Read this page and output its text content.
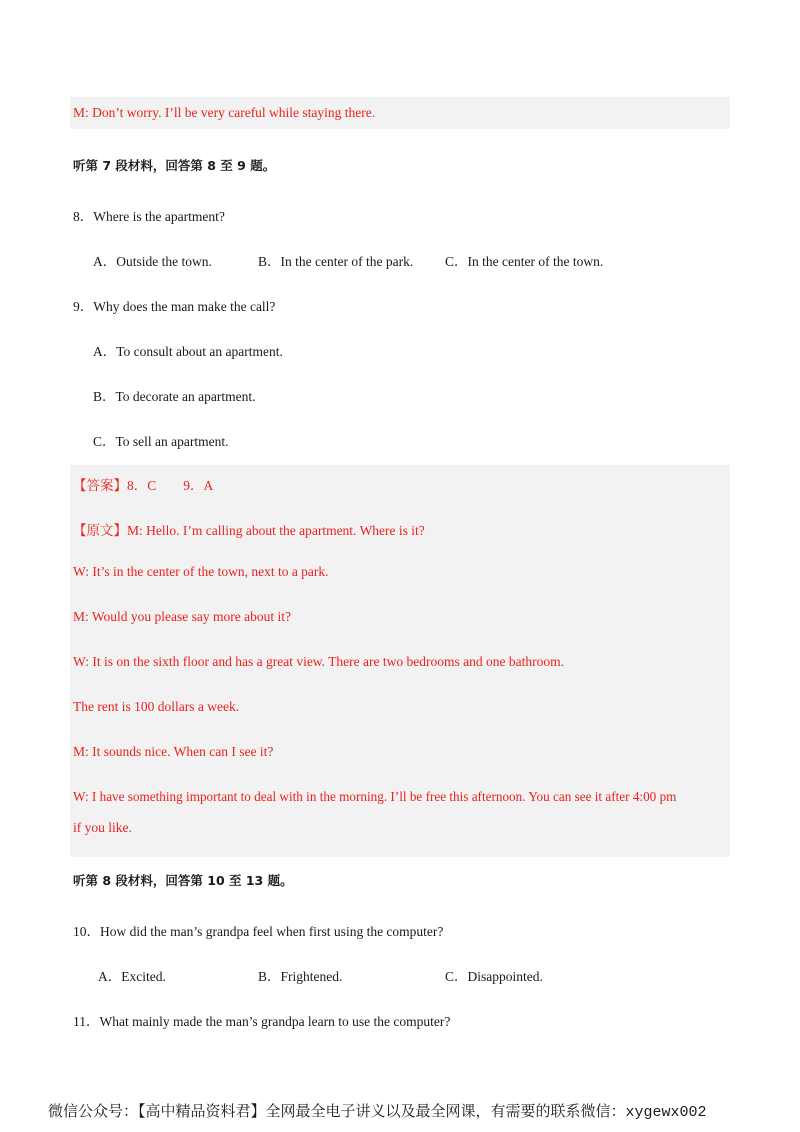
M: Don’t worry. I’ll be very careful while staying there.
听第 7 段材料，回答第 8 至 9 题。
8．Where is the apartment?
A．Outside the town.	B．In the center of the park. C．In the center of the town.
9．Why does the man make the call?
A．To consult about an apartment.
B．To decorate an apartment.
C．To sell an apartment.
【答案】8．C　　9．A
【原文】M: Hello. I’m calling about the apartment. Where is it?
W: It’s in the center of the town, next to a park.
M: Would you please say more about it?
W: It is on the sixth floor and has a great view. There are two bedrooms and one bathroom.
The rent is 100 dollars a week.
M: It sounds nice. When can I see it?
W: I have something important to deal with in the morning. I’ll be free this afternoon. You can see it after 4:00 pm
if you like.
听第 8 段材料，回答第 10 至 13 题。
10．How did the man’s grandpa feel when first using the computer?
A．Excited.	B．Frightened.	C．Disappointed.
11．What mainly made the man’s grandpa learn to use the computer?
微信公众号：【高中精品资料君】全网最全电子讲义以及最全网课，有需要的联系微信：xygewx002
